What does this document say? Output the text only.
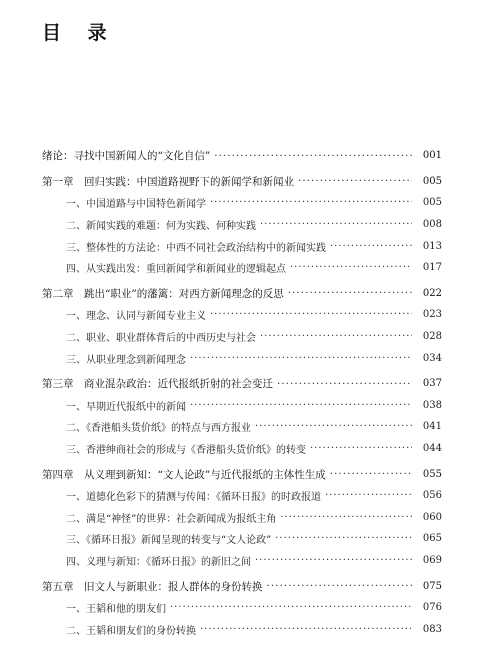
目 录
绪论：寻找中国新闻人的“文化自信” ·····	001
第一章 回归实践：中国道路视野下的新闻学和新闻业 ·····	005
一、中国道路与中国特色新闻学 ·····	005
二、新闻实践的难题：何为实践、何种实践 ·····	008
三、整体性的方法论：中西不同社会政治结构中的新闻实践 ·····	013
四、从实践出发：重回新闻学和新闻业的逻辑起点 ·····	017
第二章 跳出“职业”的藩篱：对西方新闻理念的反思 ·····	022
一、理念、认同与新闻专业主义 ·····	023
二、职业、职业群体背后的中西历史与社会 ·····	028
三、从职业理念到新闻理念 ·····	034
第三章 商业混杂政治：近代报纸折射的社会变迁 ·····	037
一、早期近代报纸中的新闻 ·····	038
二、《香港船头货价纸》的特点与西方报业 ·····	041
三、香港绅商社会的形成与《香港船头货价纸》的转变 ·····	044
第四章 从义理到新知：“文人论政”与近代报纸的主体性生成 ·····	055
一、道德化色彩下的猜测与传闻：《循环日报》的时政报道 ·····	056
二、满是“神怪”的世界：社会新闻成为报纸主角 ·····	060
三、《循环日报》新闻呈现的转变与“文人论政” ·····	065
四、义理与新知：《循环日报》的新旧之间 ·····	069
第五章 旧文人与新职业：报人群体的身份转换 ·····	075
一、王韬和他的朋友们 ·····	076
二、王韬和朋友们的身份转换 ·····	083
